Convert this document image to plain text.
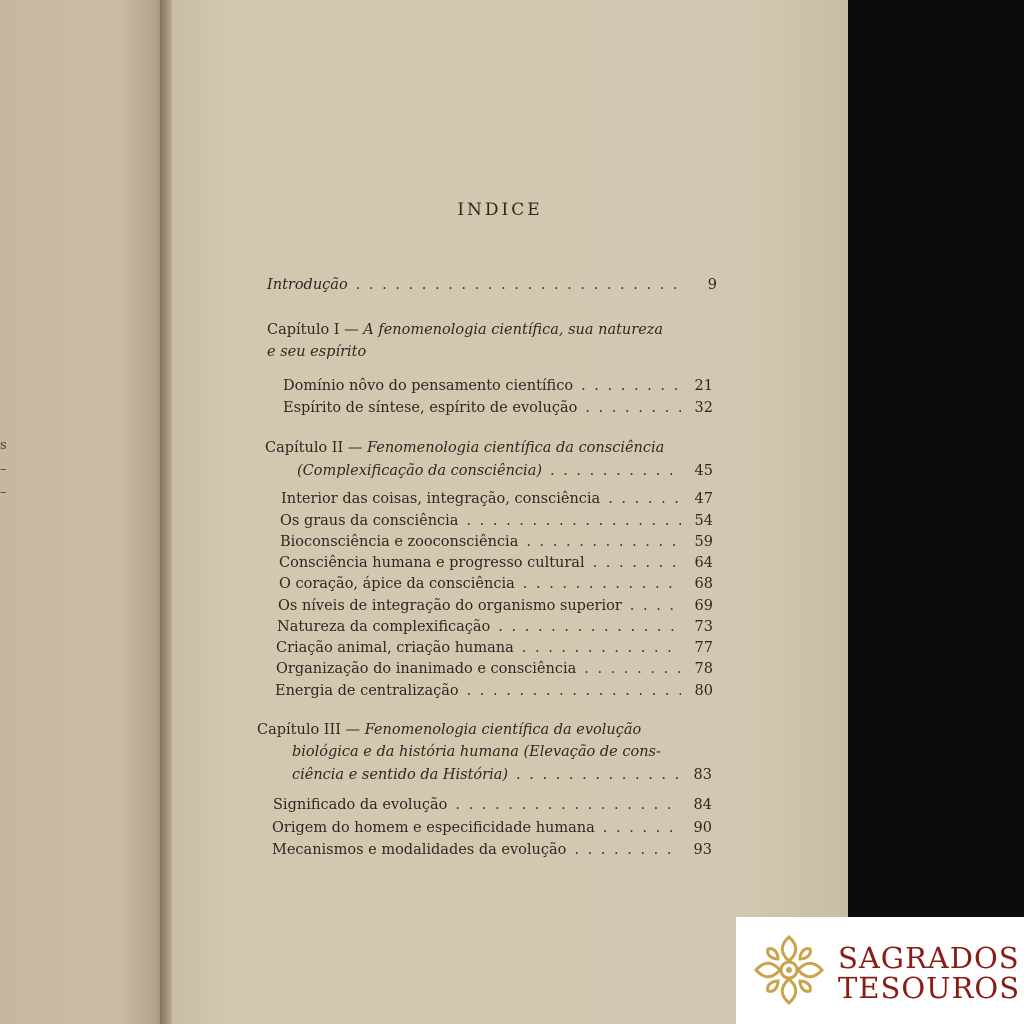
s
–
–
INDICE
Introdução . . .	9
Capítulo I — A fenomenologia científica, sua natureza
e seu espírito
Domínio nôvo do pensamento científico . . .	21
Espírito de síntese, espírito de evolução . . .	32
Capítulo II — Fenomenologia científica da consciência
(Complexificação da consciência) . . .	45
Interior das coisas, integração, consciência . . .	47
Os graus da consciência . . .	54
Bioconsciência e zooconsciência . . .	59
Consciência humana e progresso cultural . . .	64
O coração, ápice da consciência . . .	68
Os níveis de integração do organismo superior . . .	69
Natureza da complexificação . . .	73
Criação animal, criação humana . . .	77
Organização do inanimado e consciência . . .	78
Energia de centralização . . .	80
Capítulo III — Fenomenologia científica da evolução
biológica e da história humana (Elevação de cons-
ciência e sentido da História) . . .	83
Significado da evolução . . .	84
Origem do homem e especificidade humana . . .	90
Mecanismos e modalidades da evolução . . .	93
SAGRADOS
TESOUROS
